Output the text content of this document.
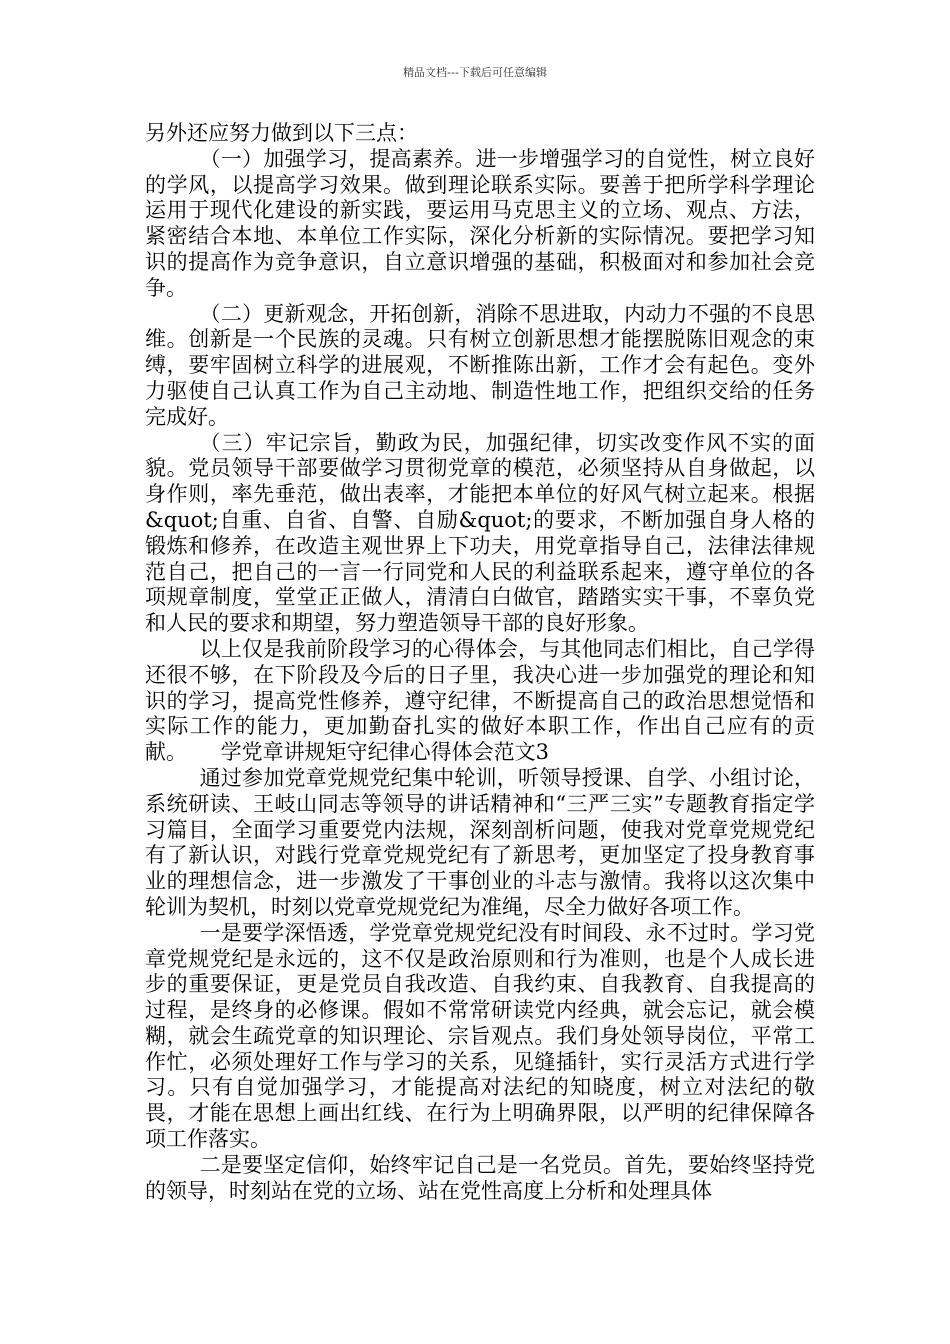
精品文档---下载后可任意编辑

另外还应努力做到以下三点：

（一）加强学习，提高素养。进一步增强学习的自觉性，树立良好的学风，以提高学习效果。做到理论联系实际。要善于把所学科学理论运用于现代化建设的新实践，要运用马克思主义的立场、观点、方法，紧密结合本地、本单位工作实际，深化分析新的实际情况。要把学习知识的提高作为竞争意识，自立意识增强的基础，积极面对和参加社会竞争。

（二）更新观念，开拓创新，消除不思进取，内动力不强的不良思维。创新是一个民族的灵魂。只有树立创新思想才能摆脱陈旧观念的束缚，要牢固树立科学的进展观，不断推陈出新，工作才会有起色。变外力驱使自己认真工作为自己主动地、制造性地工作，把组织交给的任务完成好。

（三）牢记宗旨，勤政为民，加强纪律，切实改变作风不实的面貌。党员领导干部要做学习贯彻党章的模范，必须坚持从自身做起，以身作则，率先垂范，做出表率，才能把本单位的好风气树立起来。根据&quot;自重、自省、自警、自励&quot;的要求，不断加强自身人格的锻炼和修养，在改造主观世界上下功夫，用党章指导自己，法律法律规范自己，把自己的一言一行同党和人民的利益联系起来，遵守单位的各项规章制度，堂堂正正做人，清清白白做官，踏踏实实干事，不辜负党和人民的要求和期望，努力塑造领导干部的良好形象。

以上仅是我前阶段学习的心得体会，与其他同志们相比，自己学得还很不够，在下阶段及今后的日子里，我决心进一步加强党的理论和知识的学习，提高党性修养，遵守纪律，不断提高自己的政治思想觉悟和实际工作的能力，更加勤奋扎实的做好本职工作，作出自己应有的贡献。 学党章讲规矩守纪律心得体会范文3

通过参加党章党规党纪集中轮训，听领导授课、自学、小组讨论，系统研读、王岐山同志等领导的讲话精神和“三严三实”专题教育指定学习篇目，全面学习重要党内法规，深刻剖析问题，使我对党章党规党纪有了新认识，对践行党章党规党纪有了新思考，更加坚定了投身教育事业的理想信念，进一步激发了干事创业的斗志与激情。我将以这次集中轮训为契机，时刻以党章党规党纪为准绳，尽全力做好各项工作。

一是要学深悟透，学党章党规党纪没有时间段、永不过时。学习党章党规党纪是永远的，这不仅是政治原则和行为准则，也是个人成长进步的重要保证，更是党员自我改造、自我约束、自我教育、自我提高的过程，是终身的必修课。假如不常常研读党内经典，就会忘记，就会模糊，就会生疏党章的知识理论、宗旨观点。我们身处领导岗位，平常工作忙，必须处理好工作与学习的关系，见缝插针，实行灵活方式进行学习。只有自觉加强学习，才能提高对法纪的知晓度，树立对法纪的敬畏，才能在思想上画出红线、在行为上明确界限，以严明的纪律保障各项工作落实。

二是要坚定信仰，始终牢记自己是一名党员。首先，要始终坚持党的领导，时刻站在党的立场、站在党性高度上分析和处理具体
